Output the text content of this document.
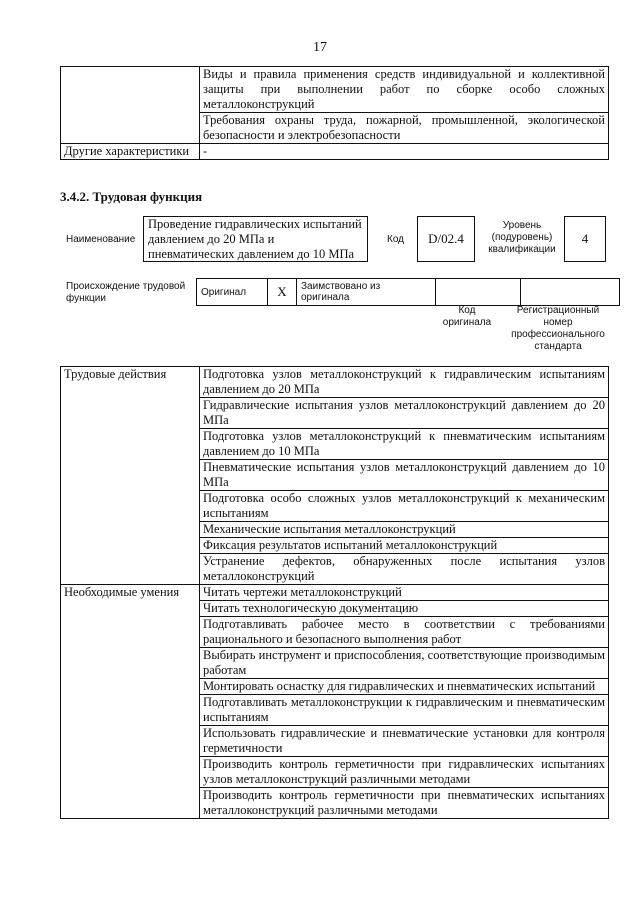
17
	Виды и правила применения средств индивидуальной и коллективной защиты при выполнении работ по сборке особо сложных металлоконструкций
	Требования охраны труда, пожарной, промышленной, экологической безопасности и электробезопасности
Другие характеристики	-
3.4.2. Трудовая функция
Наименование
Проведение гидравлических испытаний давлением до 20 МПа и пневматических давлением до 10 МПа
Код	D/02.4
Уровень (подуровень) квалификации
4
Происхождение трудовой функции
Оригинал	X	Заимствовано из оригинала		
Код оригинала
Регистрационный номер профессионального стандарта
Трудовые действия	Подготовка узлов металлоконструкций к гидравлическим испытаниям давлением до 20 МПа
	Гидравлические испытания узлов металлоконструкций давлением до 20 МПа
	Подготовка узлов металлоконструкций к пневматическим испытаниям давлением до 10 МПа
	Пневматические испытания узлов металлоконструкций давлением до 10 МПа
	Подготовка особо сложных узлов металлоконструкций к механическим испытаниям
	Механические испытания металлоконструкций
	Фиксация результатов испытаний металлоконструкций
	Устранение дефектов, обнаруженных после испытания узлов металлоконструкций
Необходимые умения	Читать чертежи металлоконструкций
	Читать технологическую документацию
	Подготавливать рабочее место в соответствии с требованиями рационального и безопасного выполнения работ
	Выбирать инструмент и приспособления, соответствующие производимым работам
	Монтировать оснастку для гидравлических и пневматических испытаний
	Подготавливать металлоконструкции к гидравлическим и пневматическим испытаниям
	Использовать гидравлические и пневматические установки для контроля герметичности
	Производить контроль герметичности при гидравлических испытаниях узлов металлоконструкций различными методами
	Производить контроль герметичности при пневматических испытаниях металлоконструкций различными методами
